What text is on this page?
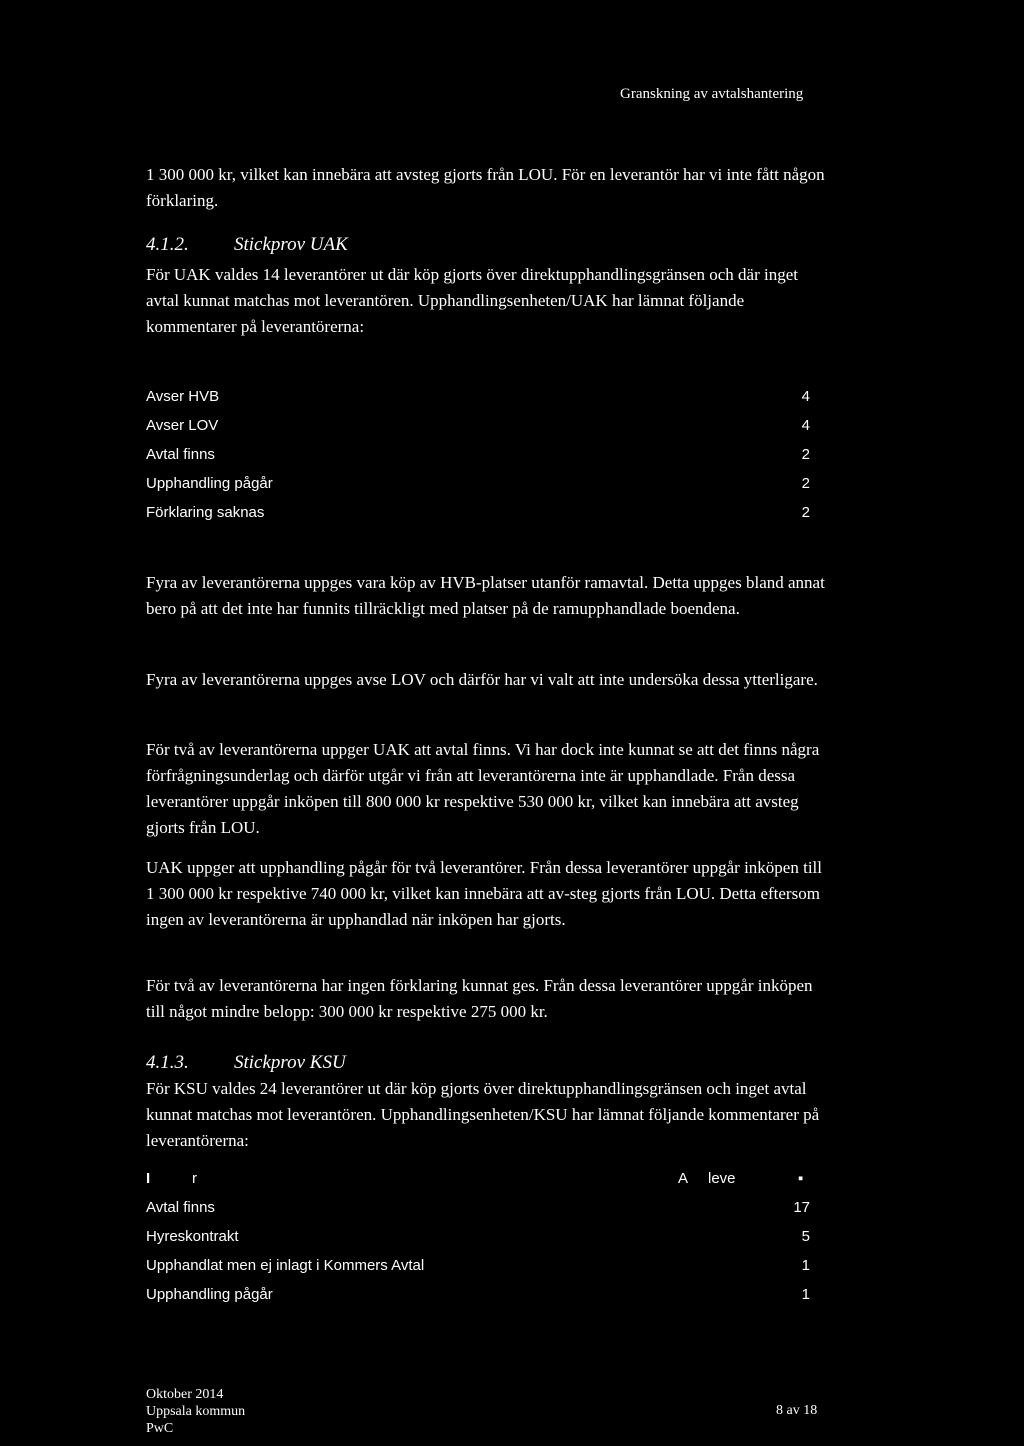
Granskning av avtalshantering
1 300 000 kr, vilket kan innebära att avsteg gjorts från LOU. För en leverantör har vi inte fått någon förklaring.
4.1.2. Stickprov UAK
För UAK valdes 14 leverantörer ut där köp gjorts över direktupphandlingsgränsen och där inget avtal kunnat matchas mot leverantören. Upphandlingsenheten/UAK har lämnat följande kommentarer på leverantörerna:
Avser HVB	4
Avser LOV	4
Avtal finns	2
Upphandling pågår	2
Förklaring saknas	2
Fyra av leverantörerna uppges vara köp av HVB-platser utanför ramavtal. Detta uppges bland annat bero på att det inte har funnits tillräckligt med platser på de ramupphandlade boendena.
Fyra av leverantörerna uppges avse LOV och därför har vi valt att inte undersöka dessa ytterligare.
För två av leverantörerna uppger UAK att avtal finns. Vi har dock inte kunnat se att det finns några förfrågningsunderlag och därför utgår vi från att leverantörerna inte är upphandlade. Från dessa leverantörer uppgår inköpen till 800 000 kr respektive 530 000 kr, vilket kan innebära att avsteg gjorts från LOU.
UAK uppger att upphandling pågår för två leverantörer. Från dessa leverantörer uppgår inköpen till 1 300 000 kr respektive 740 000 kr, vilket kan innebära att av-steg gjorts från LOU. Detta eftersom ingen av leverantörerna är upphandlad när inköpen har gjorts.
För två av leverantörerna har ingen förklaring kunnat ges. Från dessa leverantörer uppgår inköpen till något mindre belopp: 300 000 kr respektive 275 000 kr.
4.1.3. Stickprov KSU
För KSU valdes 24 leverantörer ut där köp gjorts över direktupphandlingsgränsen och inget avtal kunnat matchas mot leverantören. Upphandlingsenheten/KSU har lämnat följande kommentarer på leverantörerna:
I	r	A leve	▪
Avtal finns	17
Hyreskontrakt	5
Upphandlat men ej inlagt i Kommers Avtal	1
Upphandling pågår	1
Oktober 2014
Uppsala kommun
PwC
8 av 18
